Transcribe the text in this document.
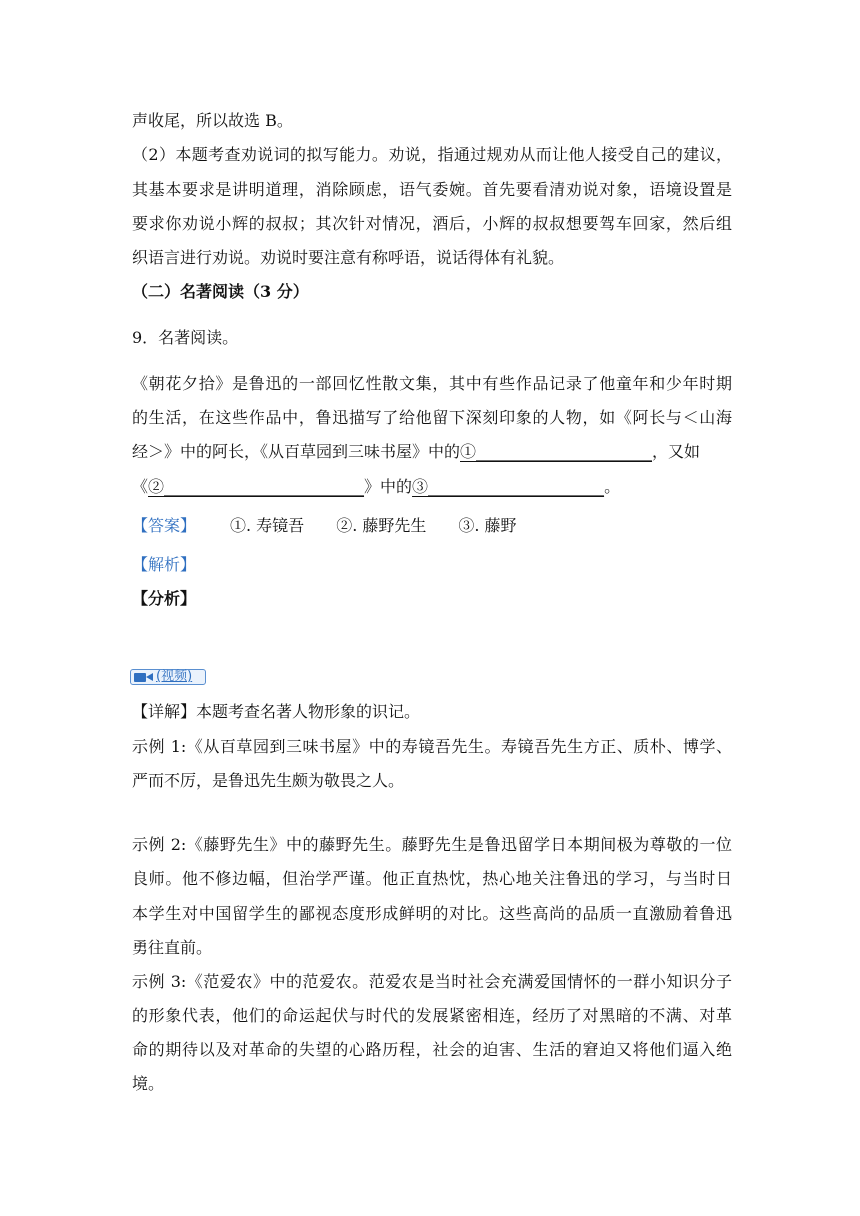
声收尾，所以故选 B。
（2）本题考查劝说词的拟写能力。劝说，指通过规劝从而让他人接受自己的建议，
其基本要求是讲明道理，消除顾虑，语气委婉。首先要看清劝说对象，语境设置是
要求你劝说小辉的叔叔；其次针对情况，酒后，小辉的叔叔想要驾车回家，然后组
织语言进行劝说。劝说时要注意有称呼语，说话得体有礼貌。
（二）名著阅读（3 分）
9．名著阅读。
《朝花夕拾》是鲁迅的一部回忆性散文集，其中有些作品记录了他童年和少年时期
的生活，在这些作品中，鲁迅描写了给他留下深刻印象的人物，如《阿长与＜山海
经＞》中的阿长，《从百草园到三味书屋》中的①______________________，又如
《②_________________________》中的③______________________。
【答案】 ①. 寿镜吾 ②. 藤野先生 ③. 藤野
【解析】
【分析】
(视频)
【详解】本题考查名著人物形象的识记。
示例 1:《从百草园到三味书屋》中的寿镜吾先生。寿镜吾先生方正、质朴、博学、
严而不厉，是鲁迅先生颇为敬畏之人。
示例 2:《藤野先生》中的藤野先生。藤野先生是鲁迅留学日本期间极为尊敬的一位
良师。他不修边幅，但治学严谨。他正直热忱，热心地关注鲁迅的学习，与当时日
本学生对中国留学生的鄙视态度形成鲜明的对比。这些高尚的品质一直激励着鲁迅
勇往直前。
示例 3:《范爱农》中的范爱农。范爱农是当时社会充满爱国情怀的一群小知识分子
的形象代表，他们的命运起伏与时代的发展紧密相连，经历了对黑暗的不满、对革
命的期待以及对革命的失望的心路历程，社会的迫害、生活的窘迫又将他们逼入绝
境。
